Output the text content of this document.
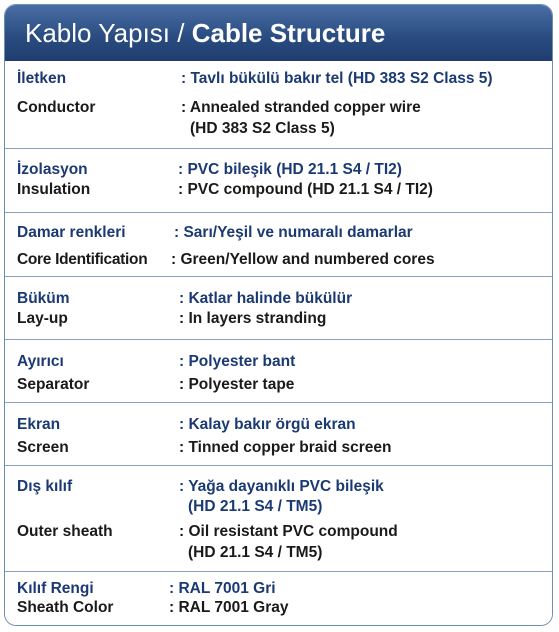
Kablo Yapısı / Cable Structure
İletken	: Tavlı bükülü bakır tel (HD 383 S2 Class 5)
Conductor	: Annealed stranded copper wire
(HD 383 S2 Class 5)
İzolasyon	: PVC bileşik (HD 21.1 S4 / TI2)
Insulation	: PVC compound (HD 21.1 S4 / TI2)
Damar renkleri	: Sarı/Yeşil ve numaralı damarlar
Core Identification : Green/Yellow and numbered cores
Büküm	: Katlar halinde bükülür
Lay-up	: In layers stranding
Ayırıcı	: Polyester bant
Separator	: Polyester tape
Ekran	: Kalay bakır örgü ekran
Screen	: Tinned copper braid screen
Dış kılıf	: Yağa dayanıklı PVC bileşik
(HD 21.1 S4 / TM5)
Outer sheath	: Oil resistant PVC compound
(HD 21.1 S4 / TM5)
Kılıf Rengi	: RAL 7001 Gri
Sheath Color	: RAL 7001 Gray
